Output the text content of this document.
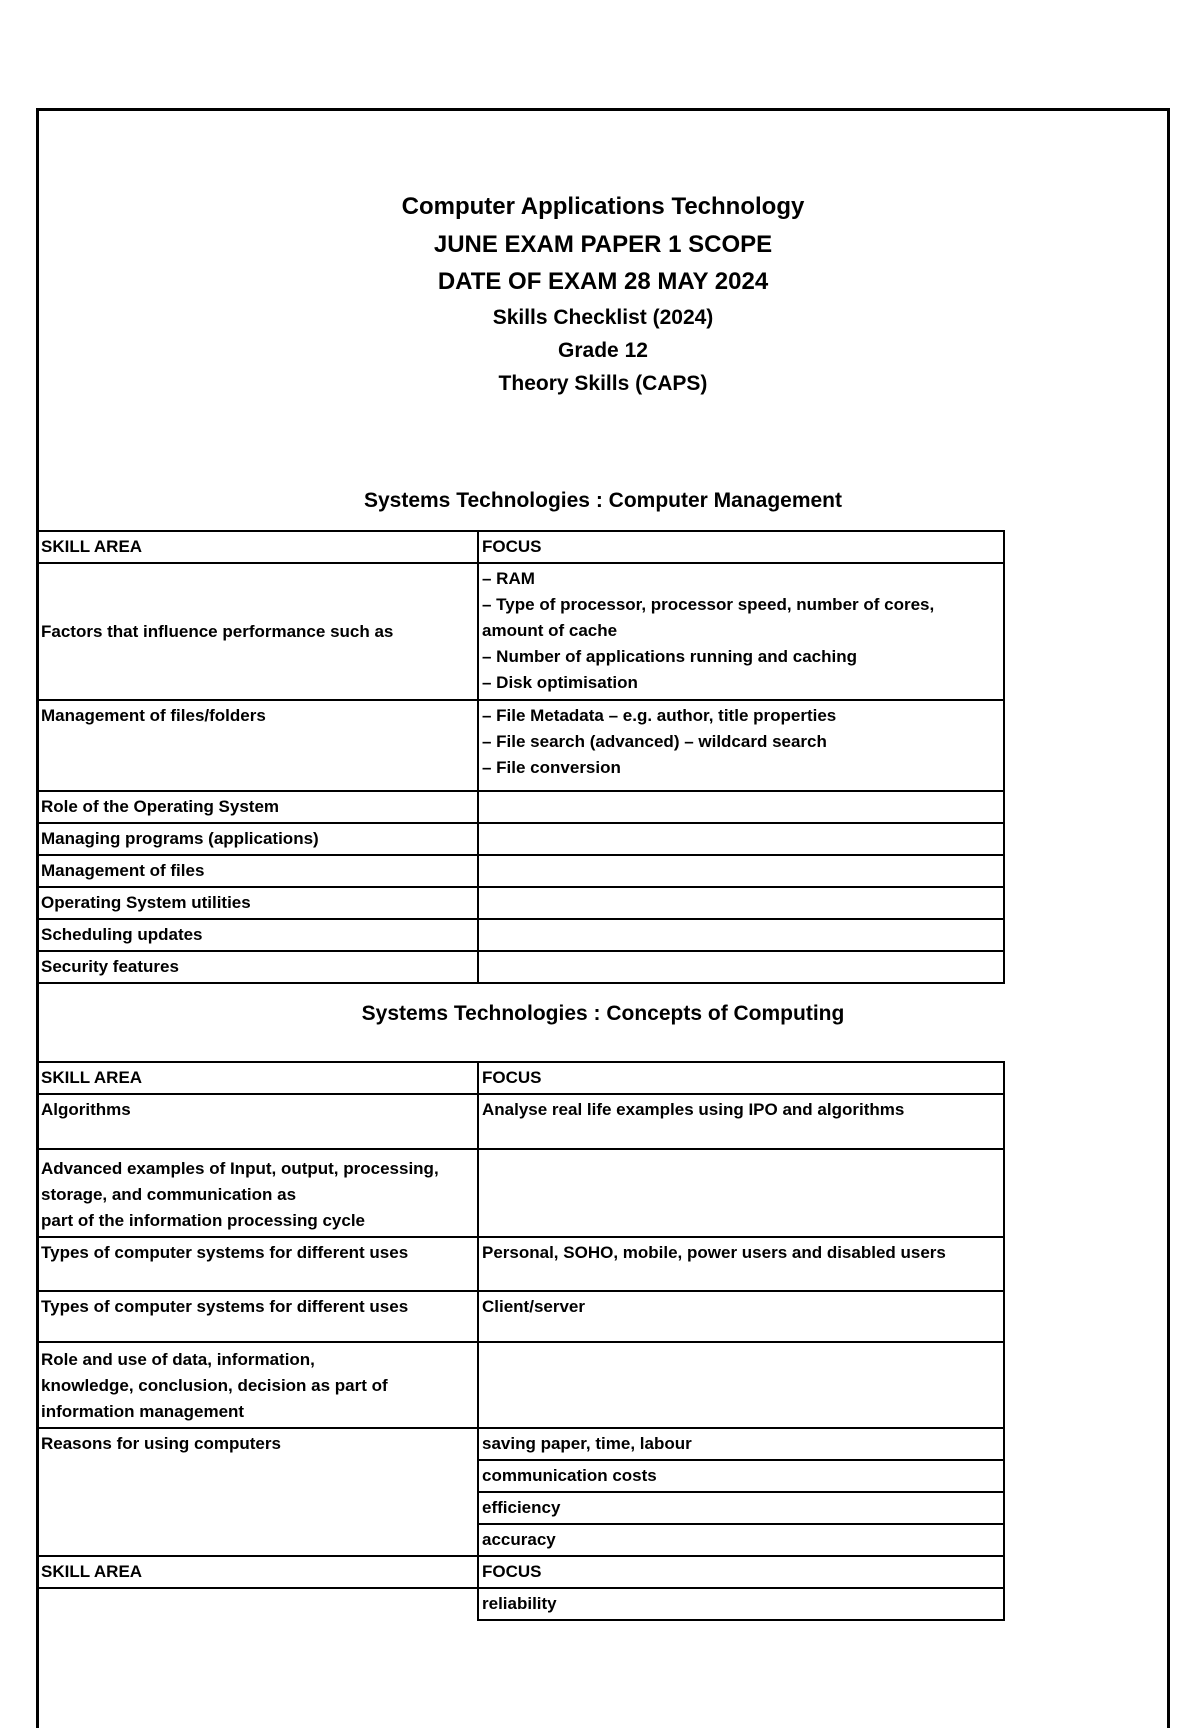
Computer Applications Technology
JUNE EXAM PAPER 1 SCOPE
DATE OF EXAM 28 MAY 2024
Skills Checklist (2024)
Grade 12
Theory Skills (CAPS)
Systems Technologies : Computer Management
SKILL AREA	FOCUS
Factors that influence performance such as	– RAM
– Type of processor, processor speed, number of cores,
amount of cache
– Number of applications running and caching
– Disk optimisation

Management of files/folders	– File Metadata – e.g. author, title properties
– File search (advanced) – wildcard search
– File conversion

Role of the Operating System	
Managing programs (applications)	
Management of files	
Operating System utilities	
Scheduling updates	
Security features	
Systems Technologies : Concepts of Computing
SKILL AREA	FOCUS

Algorithms	Analyse real life examples using IPO and algorithms

Advanced examples of Input, output, processing,
storage, and communication as
part of the information processing cycle	

Types of computer systems for different uses	Personal, SOHO, mobile, power users and disabled users

Types of computer systems for different uses	Client/server

Role and use of data, information,
knowledge, conclusion, decision as part of
information management	

Reasons for using computers	saving paper, time, labour
	communication costs
	efficiency
	accuracy
SKILL AREA	FOCUS
	reliability
